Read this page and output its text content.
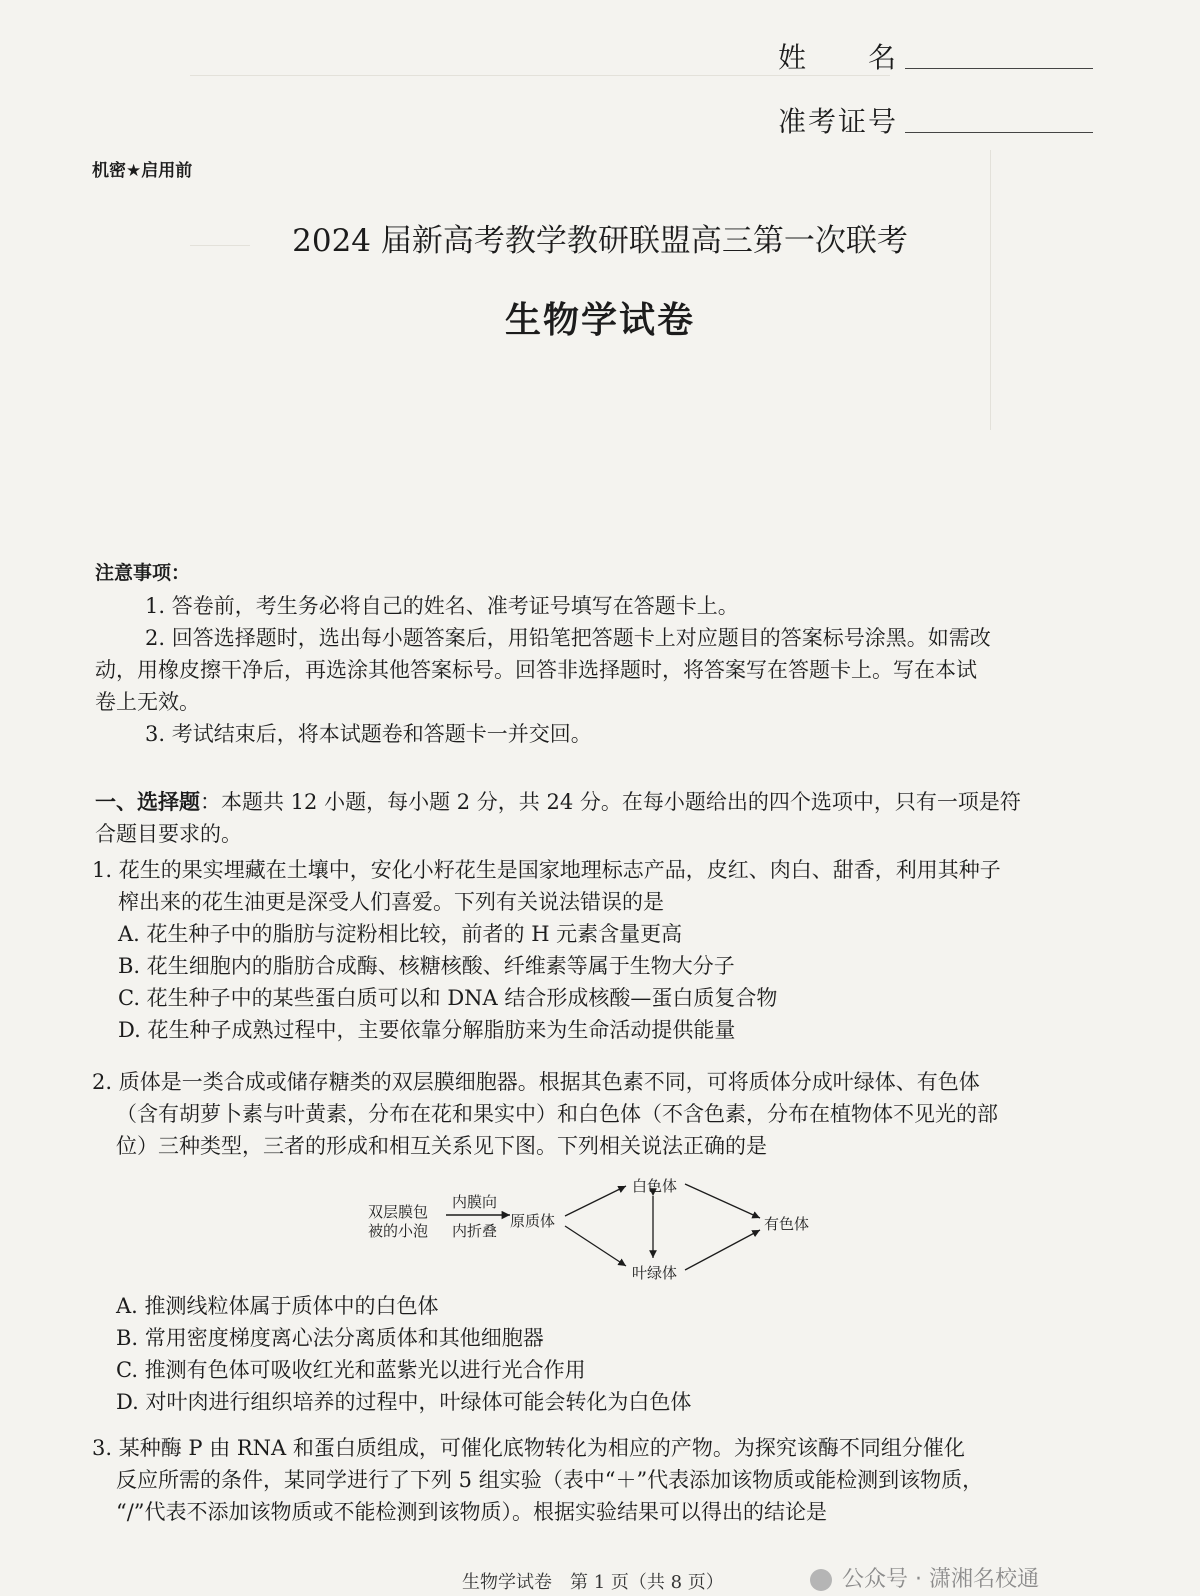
姓　　名
准考证号
机密★启用前
2024 届新高考教学教研联盟高三第一次联考
生物学试卷
注意事项：
1. 答卷前，考生务必将自己的姓名、准考证号填写在答题卡上。
2. 回答选择题时，选出每小题答案后，用铅笔把答题卡上对应题目的答案标号涂黑。如需改
动，用橡皮擦干净后，再选涂其他答案标号。回答非选择题时，将答案写在答题卡上。写在本试
卷上无效。
3. 考试结束后，将本试题卷和答题卡一并交回。
一、选择题：本题共 12 小题，每小题 2 分，共 24 分。在每小题给出的四个选项中，只有一项是符
合题目要求的。
1. 花生的果实埋藏在土壤中，安化小籽花生是国家地理标志产品，皮红、肉白、甜香，利用其种子
榨出来的花生油更是深受人们喜爱。下列有关说法错误的是
A. 花生种子中的脂肪与淀粉相比较，前者的 H 元素含量更高
B. 花生细胞内的脂肪合成酶、核糖核酸、纤维素等属于生物大分子
C. 花生种子中的某些蛋白质可以和 DNA 结合形成核酸—蛋白质复合物
D. 花生种子成熟过程中，主要依靠分解脂肪来为生命活动提供能量
2. 质体是一类合成或储存糖类的双层膜细胞器。根据其色素不同，可将质体分成叶绿体、有色体
（含有胡萝卜素与叶黄素，分布在花和果实中）和白色体（不含色素，分布在植物体不见光的部
位）三种类型，三者的形成和相互关系见下图。下列相关说法正确的是
双层膜包
被的小泡
内膜向
内折叠
原质体
白色体
有色体
叶绿体
A. 推测线粒体属于质体中的白色体
B. 常用密度梯度离心法分离质体和其他细胞器
C. 推测有色体可吸收红光和蓝紫光以进行光合作用
D. 对叶肉进行组织培养的过程中，叶绿体可能会转化为白色体
3. 某种酶 P 由 RNA 和蛋白质组成，可催化底物转化为相应的产物。为探究该酶不同组分催化
反应所需的条件，某同学进行了下列 5 组实验（表中“＋”代表添加该物质或能检测到该物质，
“/”代表不添加该物质或不能检测到该物质）。根据实验结果可以得出的结论是
生物学试卷　第 1 页（共 8 页）	公众号 · 潇湘名校通
